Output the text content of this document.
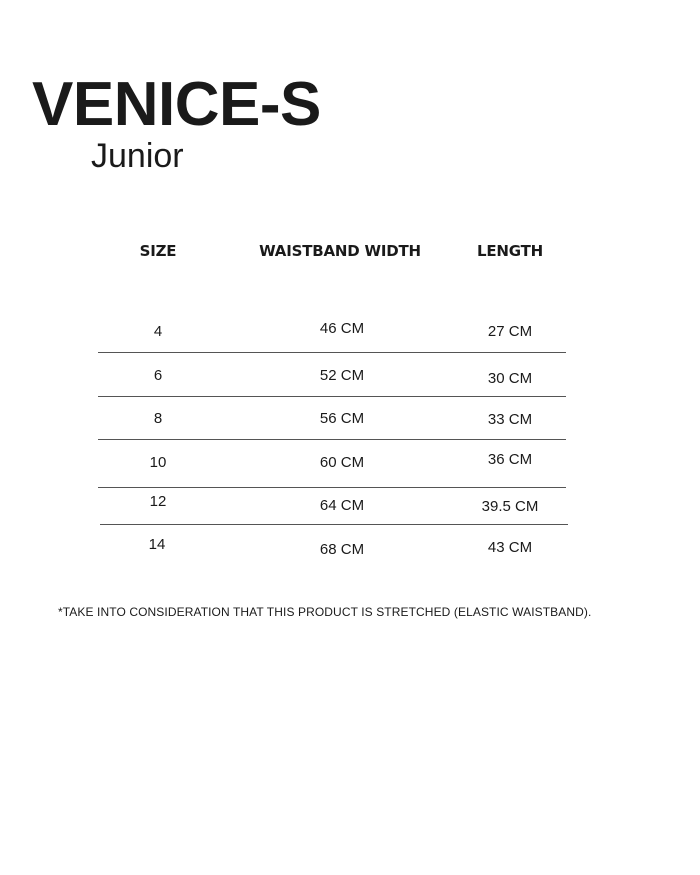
VENICE-S
Junior
SIZE	WAISTBAND WIDTH	LENGTH
4	46 CM	27 CM
6	52 CM	30 CM
8	56 CM	33 CM
10	60 CM	36 CM
12	64 CM	39.5 CM
14	68 CM	43 CM
*TAKE INTO CONSIDERATION THAT THIS PRODUCT IS STRETCHED (ELASTIC WAISTBAND).
